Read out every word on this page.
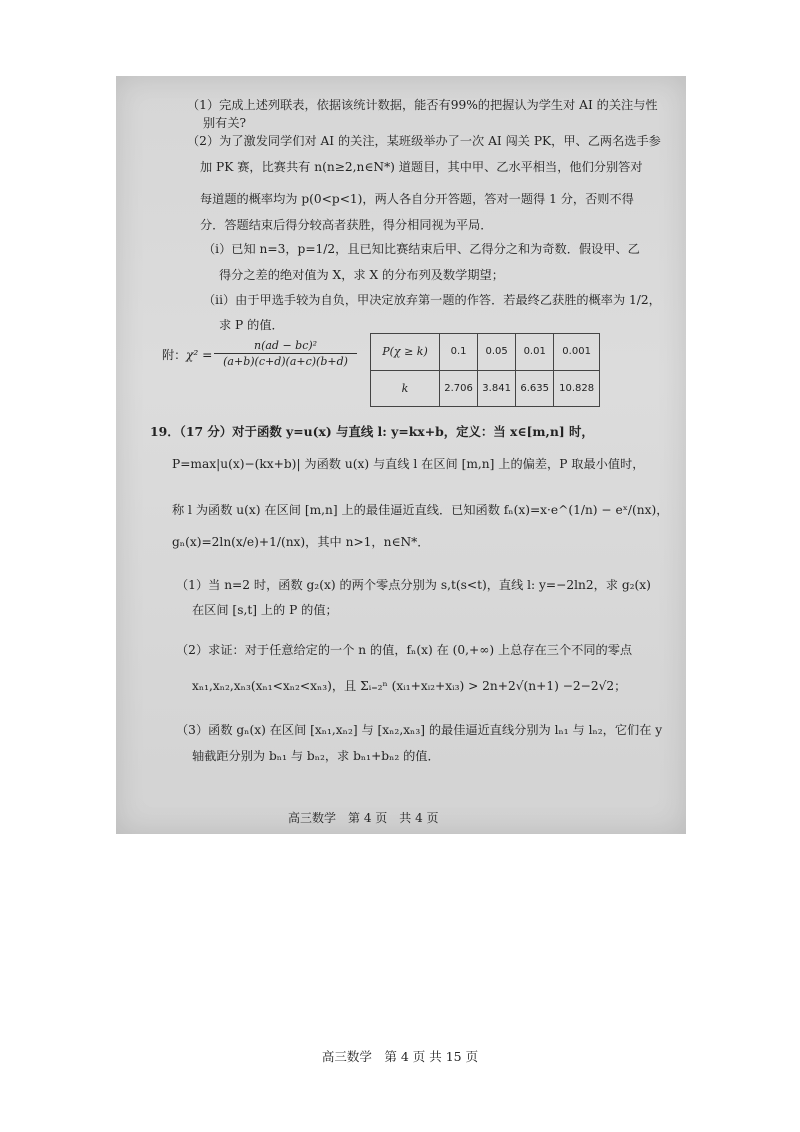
（1）完成上述列联表，依据该统计数据，能否有99%的把握认为学生对 AI 的关注与性
别有关?
（2）为了激发同学们对 AI 的关注，某班级举办了一次 AI 闯关 PK，甲、乙两名选手参
加 PK 赛，比赛共有 n(n≥2,n∈N*) 道题目，其中甲、乙水平相当，他们分别答对
每道题的概率均为 p(0<p<1)，两人各自分开答题，答对一题得 1 分，否则不得
分．答题结束后得分较高者获胜，得分相同视为平局．
（i）已知 n=3，p=1/2，且已知比赛结束后甲、乙得分之和为奇数．假设甲、乙
得分之差的绝对值为 X，求 X 的分布列及数学期望；
（ii）由于甲选手较为自负，甲决定放弃第一题的作答．若最终乙获胜的概率为 1/2，
求 P 的值．
附： $\chi^2 = \frac{\text{n(ad − bc)²}}{(a+b)(c+d)(a+c)(b+d)} P(\chi \ge k)$	0.1	0.05	0.01	0.001
k	2.706	3.841	6.635	10.828
19．（17 分）对于函数 y=u(x) 与直线 l: y=kx+b，定义：当 x∈[m,n] 时，
P=max|u(x)−(kx+b)| 为函数 u(x) 与直线 l 在区间 [m,n] 上的偏差，P 取最小值时，
称 l 为函数 u(x) 在区间 [m,n] 上的最佳逼近直线．已知函数 fₙ(x)=x·e^(1/n) − eˣ/(nx)，
gₙ(x)=2ln(x/e)+1/(nx)，其中 n>1，n∈N*．
（1）当 n=2 时，函数 g₂(x) 的两个零点分别为 s,t(s<t)，直线 l: y=−2ln2，求 g₂(x)
在区间 [s,t] 上的 P 的值；
（2）求证：对于任意给定的一个 n 的值，fₙ(x) 在 (0,+∞) 上总存在三个不同的零点
xₙ₁,xₙ₂,xₙ₃(xₙ₁<xₙ₂<xₙ₃)，且 Σᵢ₌₂ⁿ (xᵢ₁+xᵢ₂+xᵢ₃) > 2n+2√(n+1) −2−2√2；
（3）函数 gₙ(x) 在区间 [xₙ₁,xₙ₂] 与 [xₙ₂,xₙ₃] 的最佳逼近直线分别为 lₙ₁ 与 lₙ₂，它们在 y
轴截距分别为 bₙ₁ 与 bₙ₂，求 bₙ₁+bₙ₂ 的值．
高三数学　第 4 页　共 4 页
高三数学　第 4 页 共 15 页
